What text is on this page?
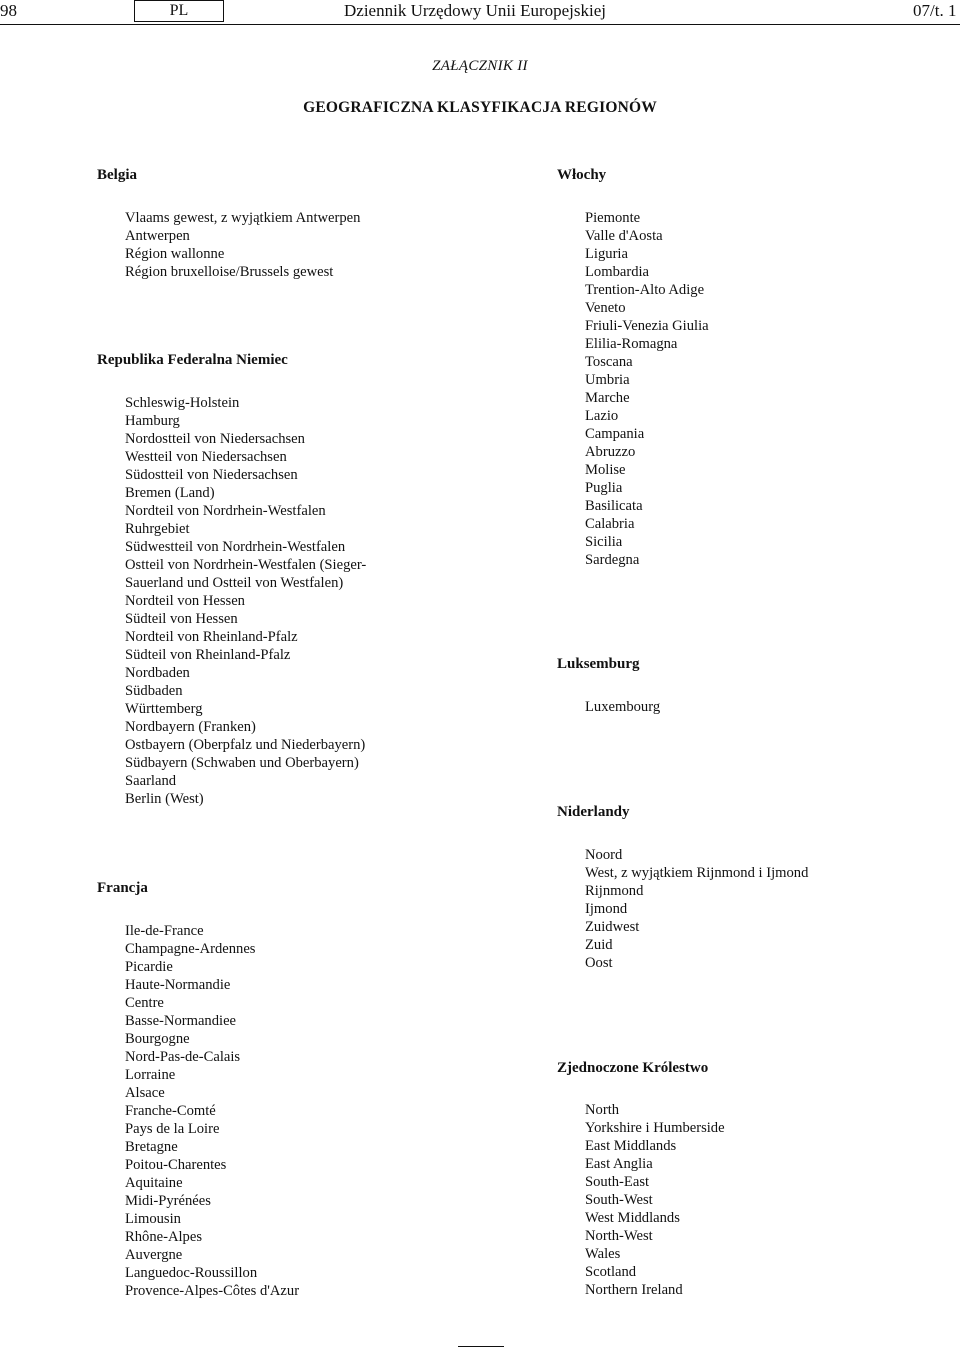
98	PL	Dziennik Urzędowy Unii Europejskiej	07/t. 1
ZAŁĄCZNIK II
GEOGRAFICZNA KLASYFIKACJA REGIONÓW
Belgia
Vlaams gewest, z wyjątkiem Antwerpen
Antwerpen
Région wallonne
Région bruxelloise/Brussels gewest
Republika Federalna Niemiec
Schleswig-Holstein
Hamburg
Nordostteil von Niedersachsen
Westteil von Niedersachsen
Südostteil von Niedersachsen
Bremen (Land)
Nordteil von Nordrhein-Westfalen
Ruhrgebiet
Südwestteil von Nordrhein-Westfalen
Ostteil von Nordrhein-Westfalen (Sieger-
Sauerland und Ostteil von Westfalen)
Nordteil von Hessen
Südteil von Hessen
Nordteil von Rheinland-Pfalz
Südteil von Rheinland-Pfalz
Nordbaden
Südbaden
Württemberg
Nordbayern (Franken)
Ostbayern (Oberpfalz und Niederbayern)
Südbayern (Schwaben und Oberbayern)
Saarland
Berlin (West)
Francja
Ile-de-France
Champagne-Ardennes
Picardie
Haute-Normandie
Centre
Basse-Normandiee
Bourgogne
Nord-Pas-de-Calais
Lorraine
Alsace
Franche-Comté
Pays de la Loire
Bretagne
Poitou-Charentes
Aquitaine
Midi-Pyrénées
Limousin
Rhône-Alpes
Auvergne
Languedoc-Roussillon
Provence-Alpes-Côtes d'Azur
Włochy
Piemonte
Valle d'Aosta
Liguria
Lombardia
Trention-Alto Adige
Veneto
Friuli-Venezia Giulia
Elilia-Romagna
Toscana
Umbria
Marche
Lazio
Campania
Abruzzo
Molise
Puglia
Basilicata
Calabria
Sicilia
Sardegna
Luksemburg
Luxembourg
Niderlandy
Noord
West, z wyjątkiem Rijnmond i Ijmond
Rijnmond
Ijmond
Zuidwest
Zuid
Oost
Zjednoczone Królestwo
North
Yorkshire i Humberside
East Middlands
East Anglia
South-East
South-West
West Middlands
North-West
Wales
Scotland
Northern Ireland
